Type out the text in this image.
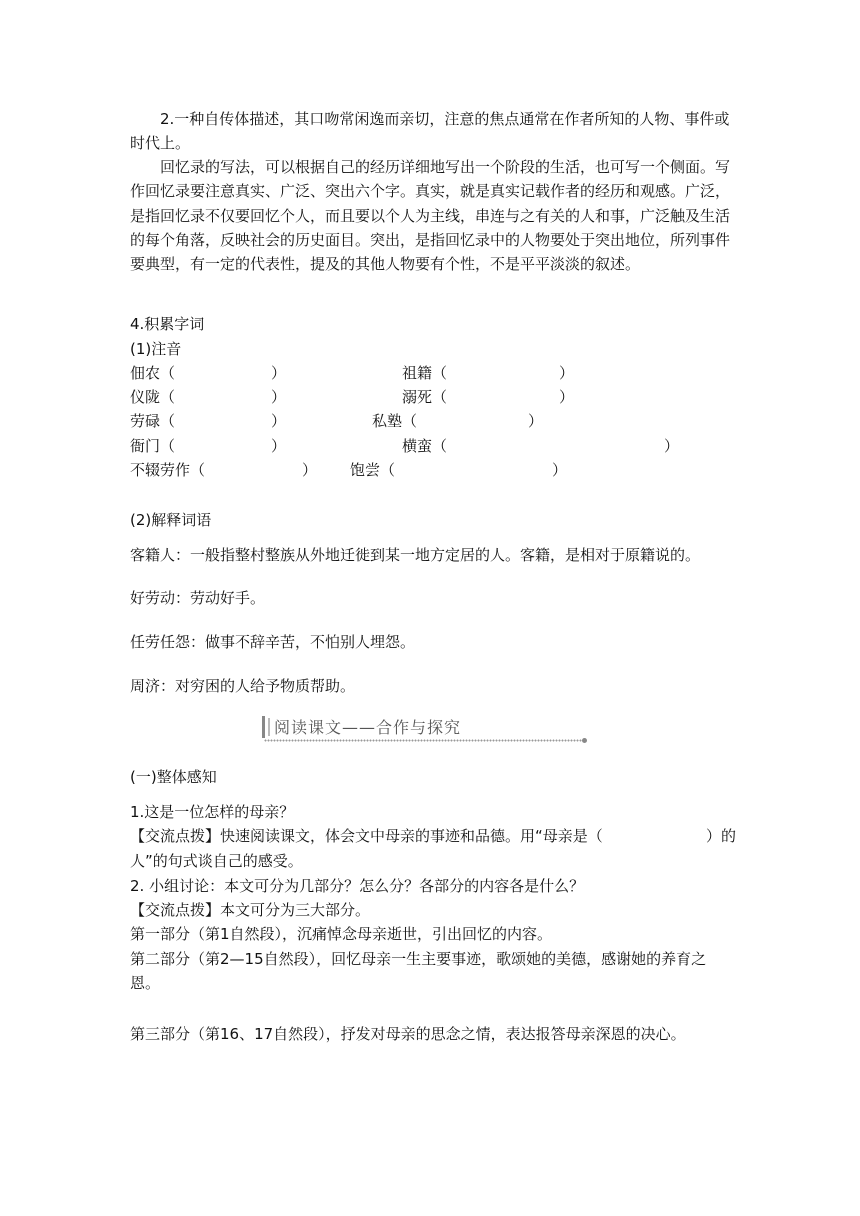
2.一种自传体描述，其口吻常闲逸而亲切，注意的焦点通常在作者所知的人物、事件或
时代上。
回忆录的写法，可以根据自己的经历详细地写出一个阶段的生活，也可写一个侧面。写
作回忆录要注意真实、广泛、突出六个字。真实，就是真实记载作者的经历和观感。广泛，
是指回忆录不仅要回忆个人，而且要以个人为主线，串连与之有关的人和事，广泛触及生活
的每个角落，反映社会的历史面目。突出，是指回忆录中的人物要处于突出地位，所列事件
要典型，有一定的代表性，提及的其他人物要有个性，不是平平淡淡的叙述。
4.积累字词
(1)注音
佃农（	）	祖籍（	）
仪陇（	）	溺死（	）
劳碌（	）	私塾（	）
衙门（	）	横蛮（	）
不辍劳作（	） 饱尝（	）
(2)解释词语
客籍人：一般指整村整族从外地迁徙到某一地方定居的人。客籍，是相对于原籍说的。
好劳动：劳动好手。
任劳任怨：做事不辞辛苦，不怕别人埋怨。
周济：对穷困的人给予物质帮助。
阅读课文——合作与探究
(一)整体感知
1.这是一位怎样的母亲？
【交流点拨】快速阅读课文，体会文中母亲的事迹和品德。用“母亲是（	）的
人”的句式谈自己的感受。
2. 小组讨论：本文可分为几部分？怎么分？各部分的内容各是什么？
【交流点拨】本文可分为三大部分。
第一部分（第1自然段），沉痛悼念母亲逝世，引出回忆的内容。
第二部分（第2—15自然段），回忆母亲一生主要事迹，歌颂她的美德，感谢她的养育之
恩。
第三部分（第16、17自然段），抒发对母亲的思念之情，表达报答母亲深恩的决心。
